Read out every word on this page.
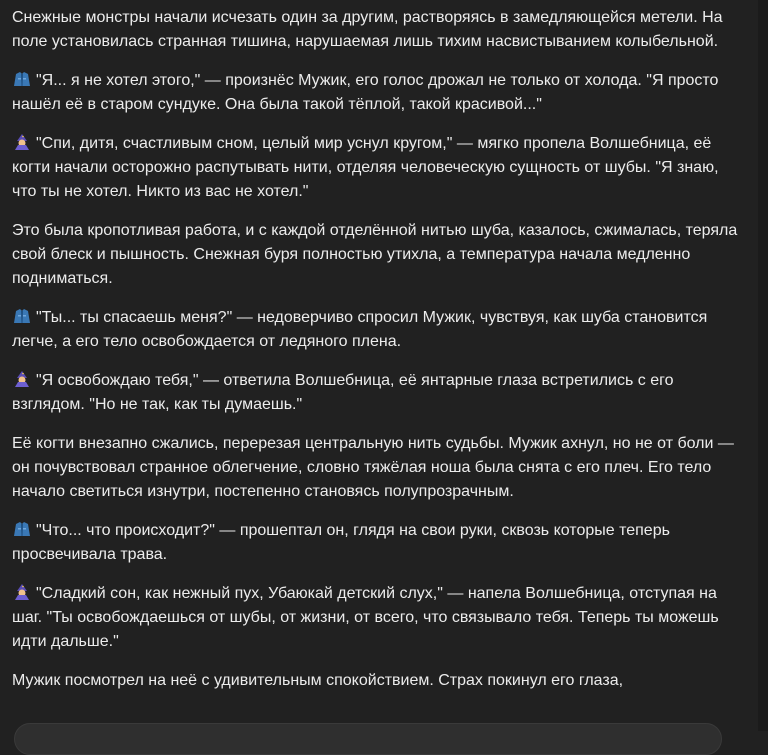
Снежные монстры начали исчезать один за другим, растворяясь в замедляющейся метели. На поле установилась странная тишина, нарушаемая лишь тихим насвистыванием колыбельной.

"Я... я не хотел этого," — произнёс Мужик, его голос дрожал не только от холода. "Я просто нашёл её в старом сундуке. Она была такой тёплой, такой красивой..."

"Спи, дитя, счастливым сном, целый мир уснул кругом," — мягко пропела Волшебница, её когти начали осторожно распутывать нити, отделяя человеческую сущность от шубы. "Я знаю, что ты не хотел. Никто из вас не хотел."

Это была кропотливая работа, и с каждой отделённой нитью шуба, казалось, сжималась, теряла свой блеск и пышность. Снежная буря полностью утихла, а температура начала медленно подниматься.

"Ты... ты спасаешь меня?" — недоверчиво спросил Мужик, чувствуя, как шуба становится легче, а его тело освобождается от ледяного плена.

"Я освобождаю тебя," — ответила Волшебница, её янтарные глаза встретились с его взглядом. "Но не так, как ты думаешь."

Её когти внезапно сжались, перерезая центральную нить судьбы. Мужик ахнул, но не от боли — он почувствовал странное облегчение, словно тяжёлая ноша была снята с его плеч. Его тело начало светиться изнутри, постепенно становясь полупрозрачным.

"Что... что происходит?" — прошептал он, глядя на свои руки, сквозь которые теперь просвечивала трава.

"Сладкий сон, как нежный пух, Убаюкай детский слух," — напела Волшебница, отступая на шаг. "Ты освобождаешься от шубы, от жизни, от всего, что связывало тебя. Теперь ты можешь идти дальше."

Мужик посмотрел на неё с удивительным спокойствием. Страх покинул его глаза,
